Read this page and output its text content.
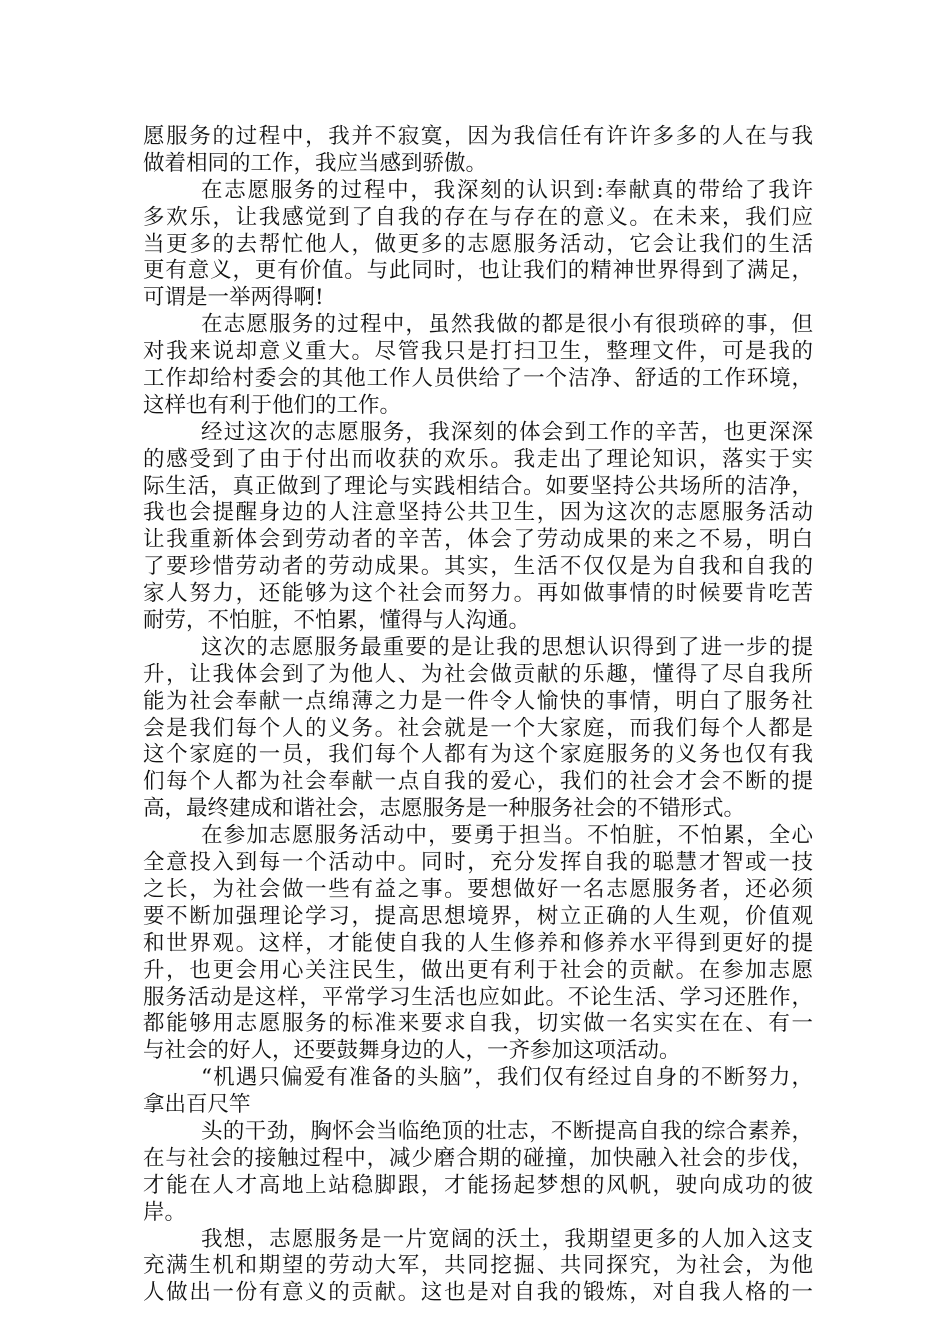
愿服务的过程中，我并不寂寞，因为我信任有许许多多的人在与我
做着相同的工作，我应当感到骄傲。
在志愿服务的过程中，我深刻的认识到:奉献真的带给了我许
多欢乐，让我感觉到了自我的存在与存在的意义。在未来，我们应
当更多的去帮忙他人，做更多的志愿服务活动，它会让我们的生活
更有意义，更有价值。与此同时，也让我们的精神世界得到了满足，
可谓是一举两得啊!
在志愿服务的过程中，虽然我做的都是很小有很琐碎的事，但
对我来说却意义重大。尽管我只是打扫卫生，整理文件，可是我的
工作却给村委会的其他工作人员供给了一个洁净、舒适的工作环境，
这样也有利于他们的工作。
经过这次的志愿服务，我深刻的体会到工作的辛苦，也更深深
的感受到了由于付出而收获的欢乐。我走出了理论知识，落实于实
际生活，真正做到了理论与实践相结合。如要坚持公共场所的洁净，
我也会提醒身边的人注意坚持公共卫生，因为这次的志愿服务活动
让我重新体会到劳动者的辛苦，体会了劳动成果的来之不易，明白
了要珍惜劳动者的劳动成果。其实，生活不仅仅是为自我和自我的
家人努力，还能够为这个社会而努力。再如做事情的时候要肯吃苦
耐劳，不怕脏，不怕累，懂得与人沟通。
这次的志愿服务最重要的是让我的思想认识得到了进一步的提
升，让我体会到了为他人、为社会做贡献的乐趣，懂得了尽自我所
能为社会奉献一点绵薄之力是一件令人愉快的事情，明白了服务社
会是我们每个人的义务。社会就是一个大家庭，而我们每个人都是
这个家庭的一员，我们每个人都有为这个家庭服务的义务也仅有我
们每个人都为社会奉献一点自我的爱心，我们的社会才会不断的提
高，最终建成和谐社会，志愿服务是一种服务社会的不错形式。
在参加志愿服务活动中，要勇于担当。不怕脏，不怕累，全心
全意投入到每一个活动中。同时，充分发挥自我的聪慧才智或一技
之长，为社会做一些有益之事。要想做好一名志愿服务者，还必须
要不断加强理论学习，提高思想境界，树立正确的人生观，价值观
和世界观。这样，才能使自我的人生修养和修养水平得到更好的提
升，也更会用心关注民生，做出更有利于社会的贡献。在参加志愿
服务活动是这样，平常学习生活也应如此。不论生活、学习还胜作，
都能够用志愿服务的标准来要求自我，切实做一名实实在在、有一
与社会的好人，还要鼓舞身边的人，一齐参加这项活动。
“机遇只偏爱有准备的头脑”，我们仅有经过自身的不断努力，
拿出百尺竿
头的干劲，胸怀会当临绝顶的壮志，不断提高自我的综合素养，
在与社会的接触过程中，减少磨合期的碰撞，加快融入社会的步伐，
才能在人才高地上站稳脚跟，才能扬起梦想的风帆，驶向成功的彼
岸。
我想，志愿服务是一片宽阔的沃土，我期望更多的人加入这支
充满生机和期望的劳动大军，共同挖掘、共同探究，为社会，为他
人做出一份有意义的贡献。这也是对自我的锻炼，对自我人格的一
